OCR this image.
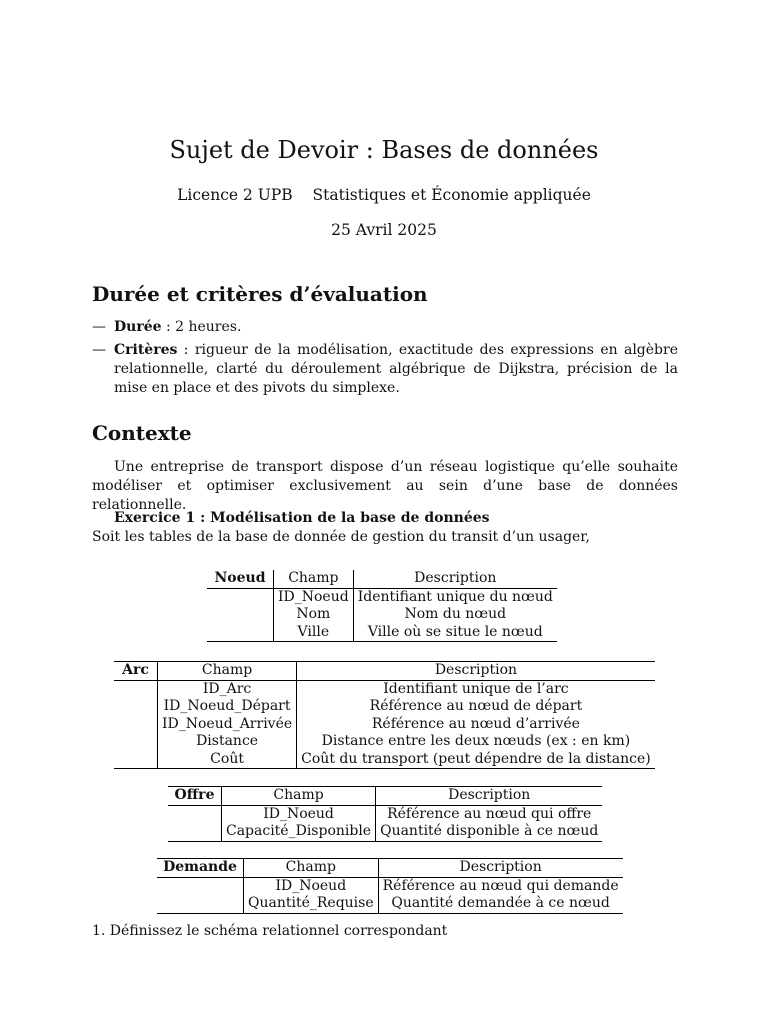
Sujet de Devoir : Bases de données
Licence 2 UPB Statistiques et Économie appliquée
25 Avril 2025
Durée et critères d’évaluation
— Durée : 2 heures.
— Critères : rigueur de la modélisation, exactitude des expressions en algèbre relationnelle, clarté du déroulement algébrique de Dijkstra, précision de la mise en place et des pivots du simplexe.
Contexte
Une entreprise de transport dispose d’un réseau logistique qu’elle souhaite modéliser et optimiser exclusivement au sein d’une base de données relationnelle.
Exercice 1 : Modélisation de la base de données
Soit les tables de la base de donnée de gestion du transit d’un usager,
Noeud	Champ	Description
	ID_Noeud	Identifiant unique du nœud
	Nom	Nom du nœud
	Ville	Ville où se situe le nœud
Arc	Champ	Description
	ID_Arc	Identifiant unique de l’arc
	ID_Noeud_Départ	Référence au nœud de départ
	ID_Noeud_Arrivée	Référence au nœud d’arrivée
	Distance	Distance entre les deux nœuds (ex : en km)
	Coût	Coût du transport (peut dépendre de la distance)
Offre	Champ	Description
	ID_Noeud	Référence au nœud qui offre
	Capacité_Disponible	Quantité disponible à ce nœud
Demande	Champ	Description
	ID_Noeud	Référence au nœud qui demande
	Quantité_Requise	Quantité demandée à ce nœud
1. Définissez le schéma relationnel correspondant
